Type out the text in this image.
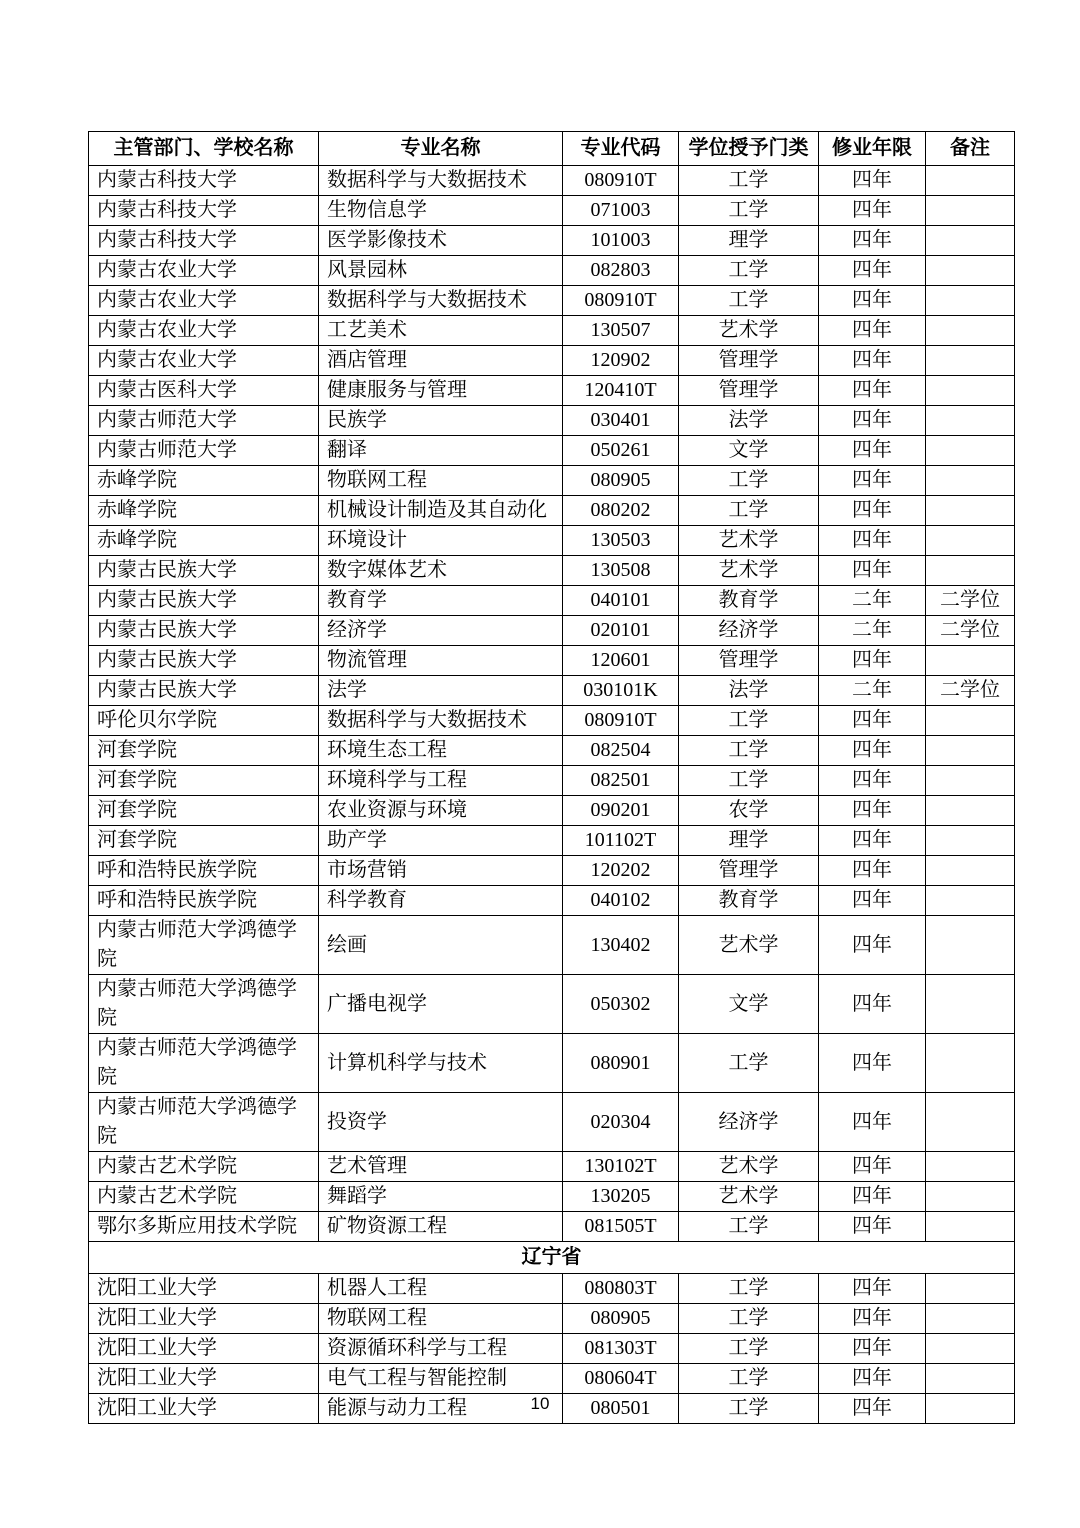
主管部门、学校名称	专业名称	专业代码	学位授予门类	修业年限	备注
内蒙古科技大学	数据科学与大数据技术	080910T	工学	四年	
内蒙古科技大学	生物信息学	071003	工学	四年	
内蒙古科技大学	医学影像技术	101003	理学	四年	
内蒙古农业大学	风景园林	082803	工学	四年	
内蒙古农业大学	数据科学与大数据技术	080910T	工学	四年	
内蒙古农业大学	工艺美术	130507	艺术学	四年	
内蒙古农业大学	酒店管理	120902	管理学	四年	
内蒙古医科大学	健康服务与管理	120410T	管理学	四年	
内蒙古师范大学	民族学	030401	法学	四年	
内蒙古师范大学	翻译	050261	文学	四年	
赤峰学院	物联网工程	080905	工学	四年	
赤峰学院	机械设计制造及其自动化	080202	工学	四年	
赤峰学院	环境设计	130503	艺术学	四年	
内蒙古民族大学	数字媒体艺术	130508	艺术学	四年	
内蒙古民族大学	教育学	040101	教育学	二年	二学位
内蒙古民族大学	经济学	020101	经济学	二年	二学位
内蒙古民族大学	物流管理	120601	管理学	四年	
内蒙古民族大学	法学	030101K	法学	二年	二学位
呼伦贝尔学院	数据科学与大数据技术	080910T	工学	四年	
河套学院	环境生态工程	082504	工学	四年	
河套学院	环境科学与工程	082501	工学	四年	
河套学院	农业资源与环境	090201	农学	四年	
河套学院	助产学	101102T	理学	四年	
呼和浩特民族学院	市场营销	120202	管理学	四年	
呼和浩特民族学院	科学教育	040102	教育学	四年	
内蒙古师范大学鸿德学院	绘画	130402	艺术学	四年	
内蒙古师范大学鸿德学院	广播电视学	050302	文学	四年	
内蒙古师范大学鸿德学院	计算机科学与技术	080901	工学	四年	
内蒙古师范大学鸿德学院	投资学	020304	经济学	四年	
内蒙古艺术学院	艺术管理	130102T	艺术学	四年	
内蒙古艺术学院	舞蹈学	130205	艺术学	四年	
鄂尔多斯应用技术学院	矿物资源工程	081505T	工学	四年	
辽宁省					
沈阳工业大学	机器人工程	080803T	工学	四年	
沈阳工业大学	物联网工程	080905	工学	四年	
沈阳工业大学	资源循环科学与工程	081303T	工学	四年	
沈阳工业大学	电气工程与智能控制	080604T	工学	四年	
沈阳工业大学	能源与动力工程	080501	工学	四年	
10
